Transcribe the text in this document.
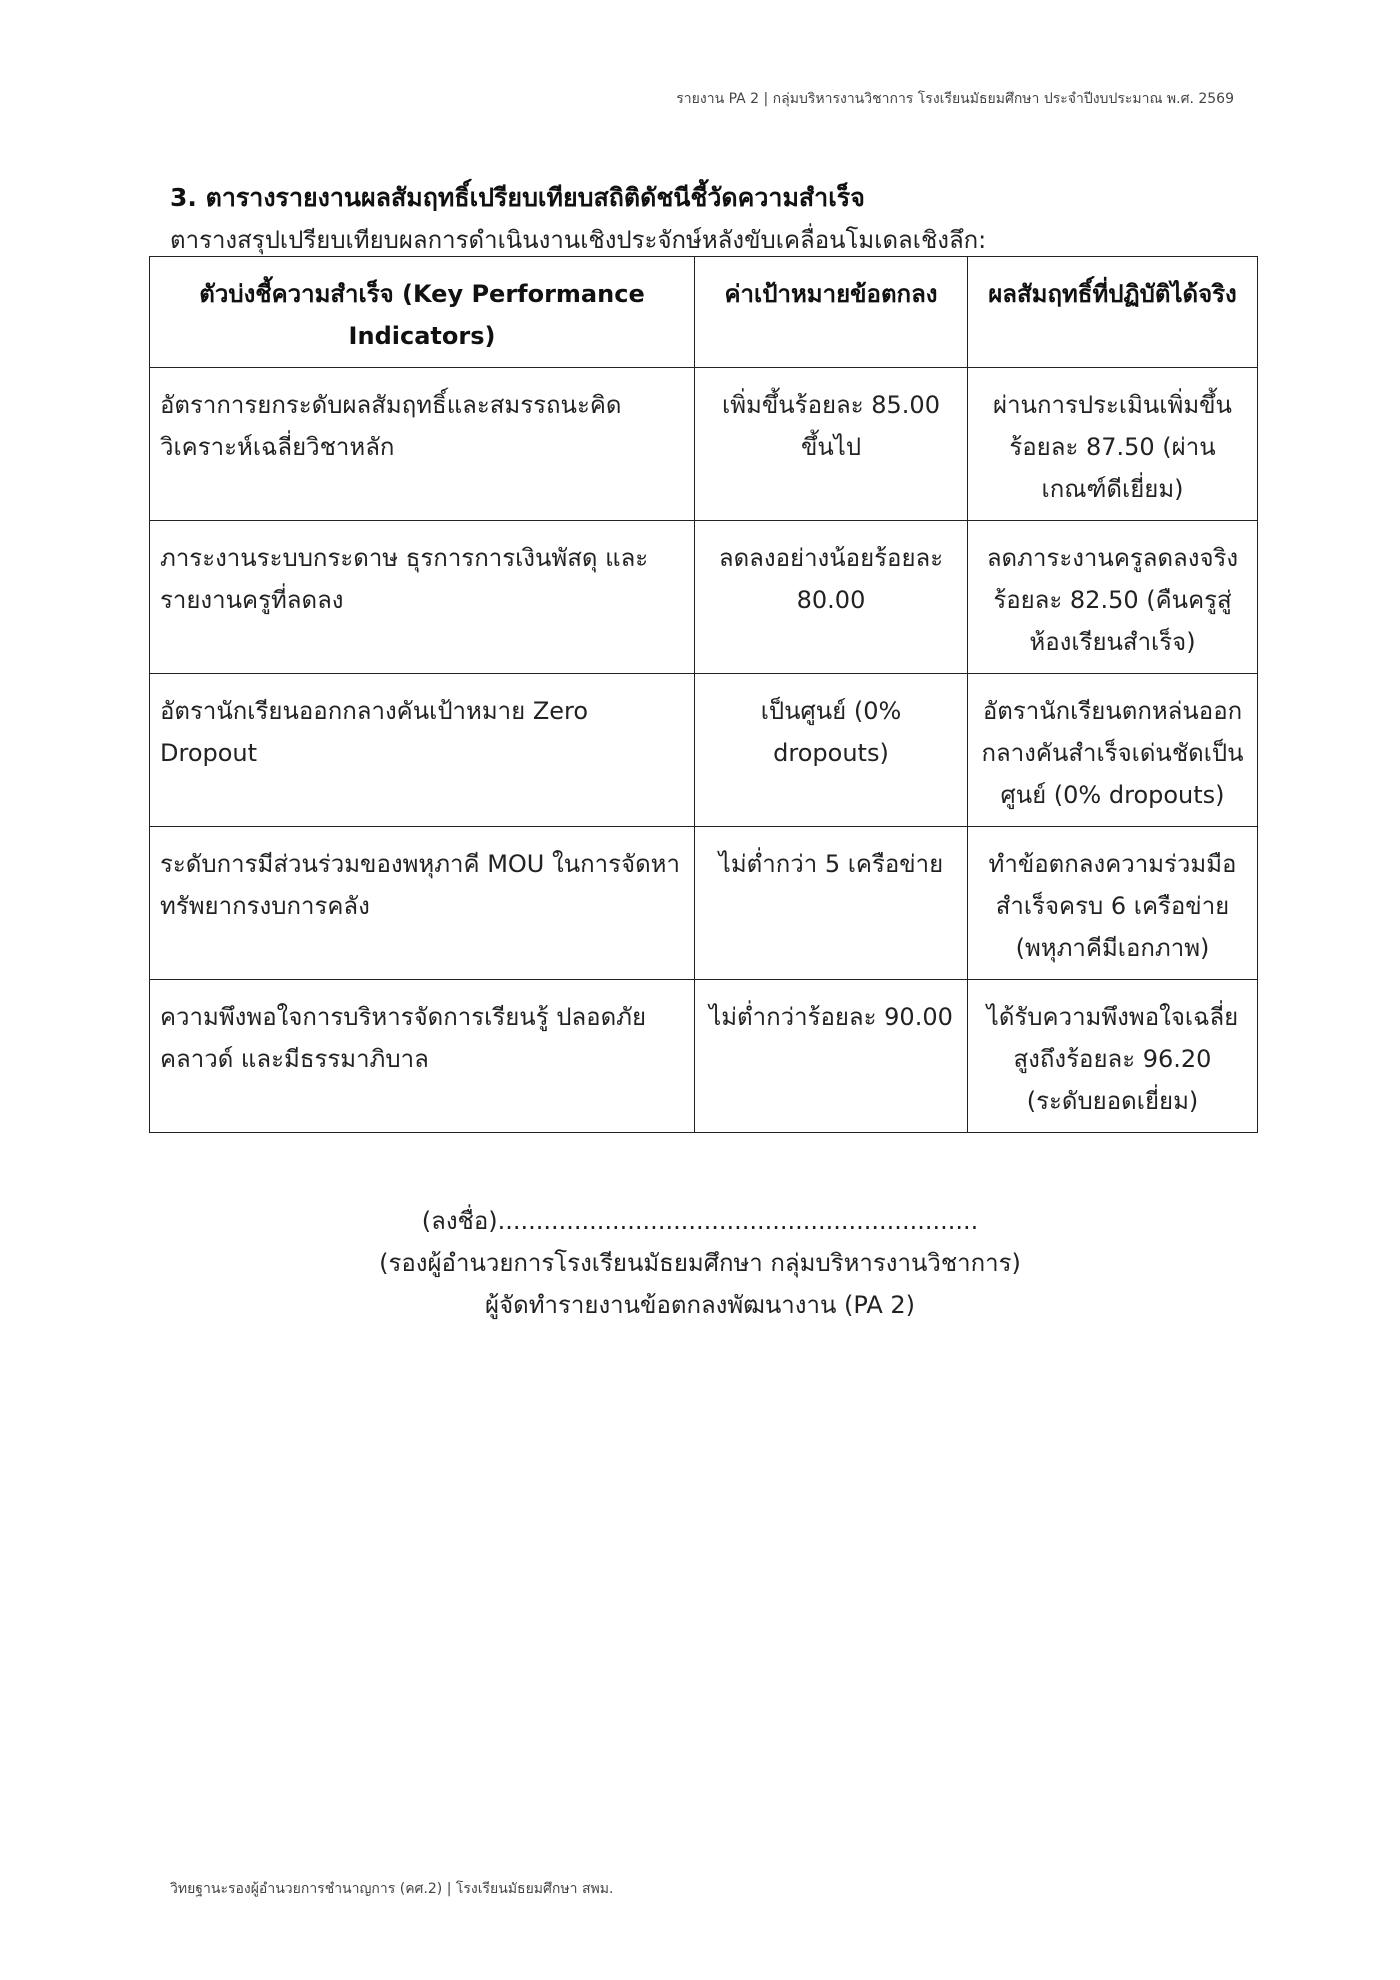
รายงาน PA 2 | กลุ่มบริหารงานวิชาการ โรงเรียนมัธยมศึกษา ประจำปีงบประมาณ พ.ศ. 2569
3. ตารางรายงานผลสัมฤทธิ์เปรียบเทียบสถิติดัชนีชี้วัดความสำเร็จ
ตารางสรุปเปรียบเทียบผลการดำเนินงานเชิงประจักษ์หลังขับเคลื่อนโมเดลเชิงลึก:
ตัวบ่งชี้ความสำเร็จ (Key Performance Indicators)	ค่าเป้าหมายข้อตกลง	ผลสัมฤทธิ์ที่ปฏิบัติได้จริง
อัตราการยกระดับผลสัมฤทธิ์และสมรรถนะคิดวิเคราะห์เฉลี่ยวิชาหลัก	เพิ่มขึ้นร้อยละ 85.00 ขึ้นไป	ผ่านการประเมินเพิ่มขึ้นร้อยละ 87.50 (ผ่านเกณฑ์ดีเยี่ยม)
ภาระงานระบบกระดาษ ธุรการการเงินพัสดุ และรายงานครูที่ลดลง	ลดลงอย่างน้อยร้อยละ 80.00	ลดภาระงานครูลดลงจริงร้อยละ 82.50 (คืนครูสู่ห้องเรียนสำเร็จ)
อัตรานักเรียนออกกลางคันเป้าหมาย Zero Dropout	เป็นศูนย์ (0% dropouts)	อัตรานักเรียนตกหล่นออกกลางคันสำเร็จเด่นชัดเป็นศูนย์ (0% dropouts)
ระดับการมีส่วนร่วมของพหุภาคี MOU ในการจัดหาทรัพยากรงบการคลัง	ไม่ต่ำกว่า 5 เครือข่าย	ทำข้อตกลงความร่วมมือสำเร็จครบ 6 เครือข่าย (พหุภาคีมีเอกภาพ)
ความพึงพอใจการบริหารจัดการเรียนรู้ ปลอดภัยคลาวด์ และมีธรรมาภิบาล	ไม่ต่ำกว่าร้อยละ 90.00	ได้รับความพึงพอใจเฉลี่ยสูงถึงร้อยละ 96.20 (ระดับยอดเยี่ยม)
(ลงชื่อ)...............................................................
(รองผู้อำนวยการโรงเรียนมัธยมศึกษา กลุ่มบริหารงานวิชาการ)
ผู้จัดทำรายงานข้อตกลงพัฒนางาน (PA 2)
วิทยฐานะรองผู้อำนวยการชำนาญการ (คศ.2) | โรงเรียนมัธยมศึกษา สพม.
